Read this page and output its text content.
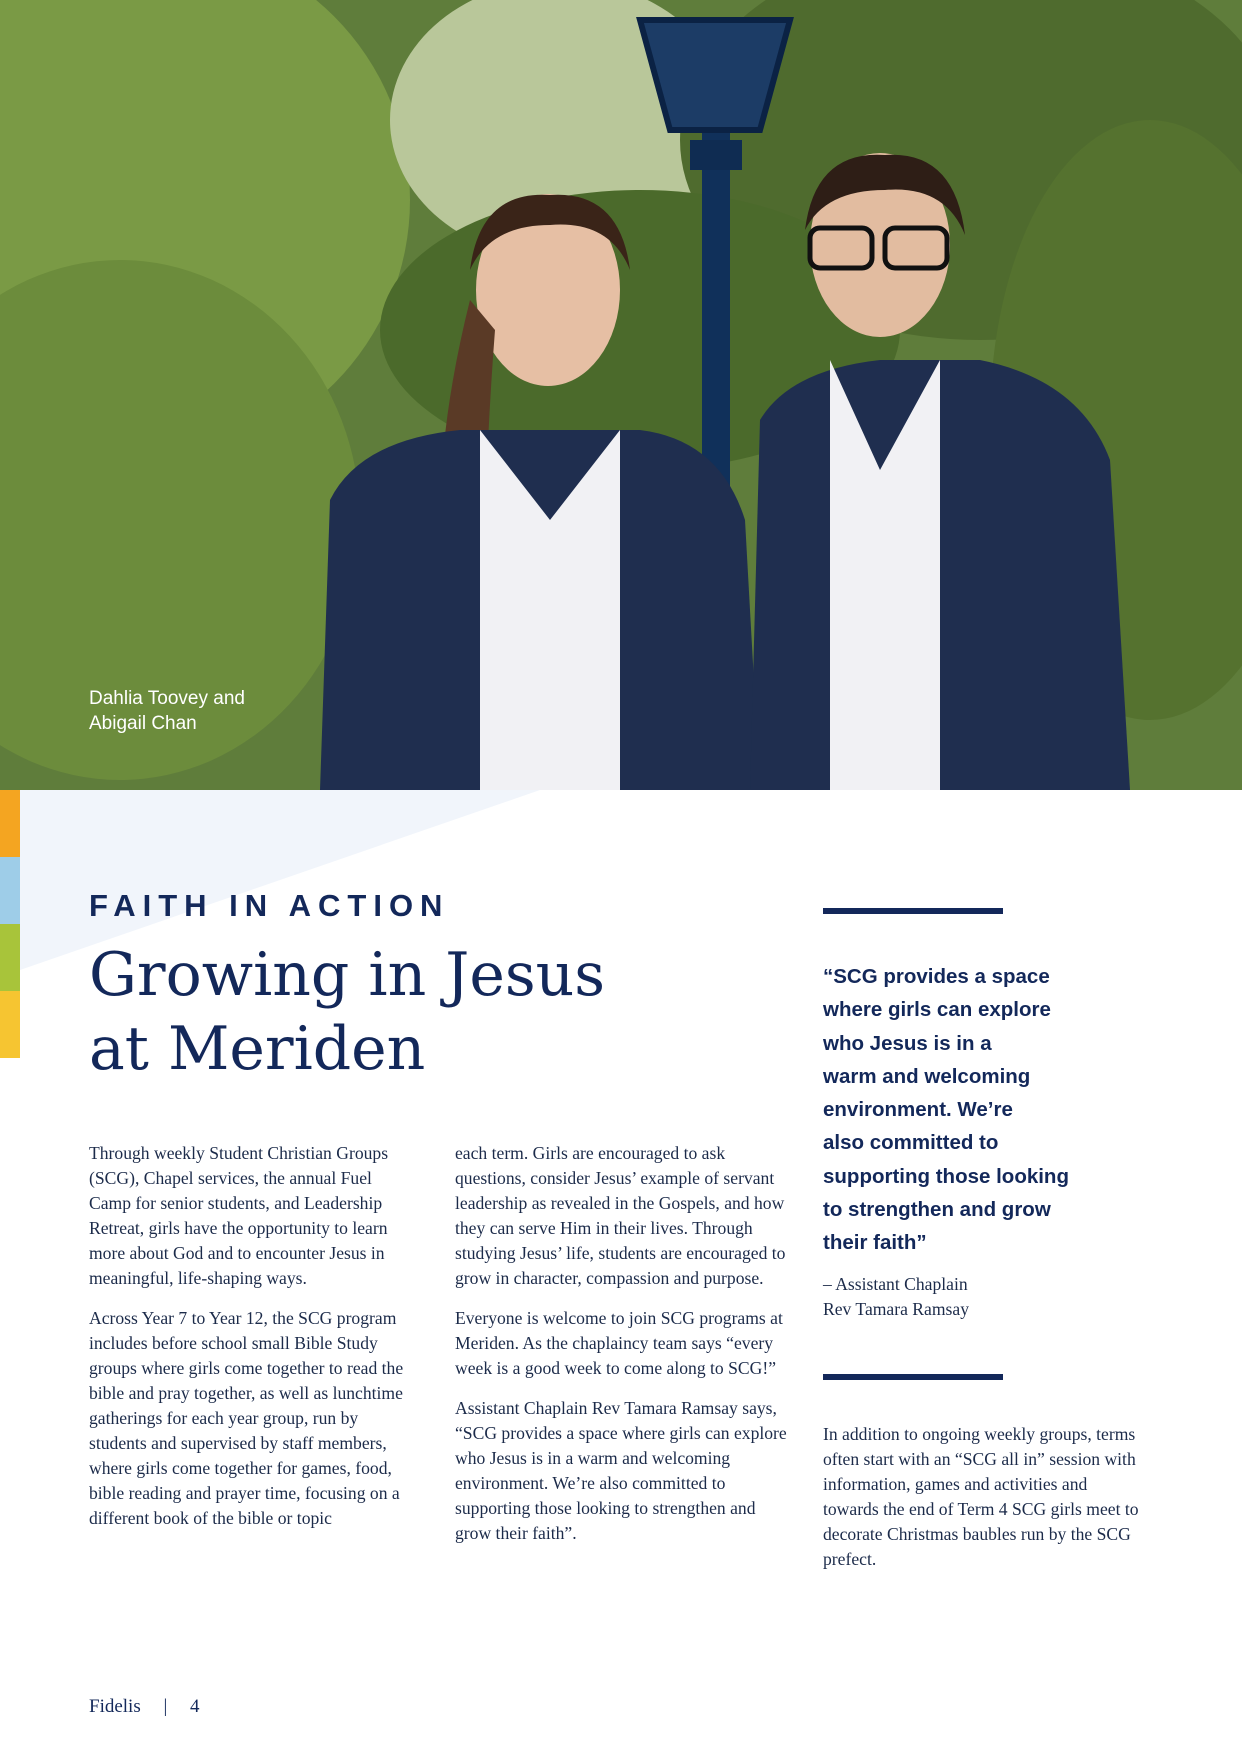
Dahlia Toovey and
Abigail Chan

FAITH IN ACTION

Growing in Jesus at Meriden

Through weekly Student Christian Groups (SCG), Chapel services, the annual Fuel Camp for senior students, and Leadership Retreat, girls have the opportunity to learn more about God and to encounter Jesus in meaningful, life-shaping ways.

Across Year 7 to Year 12, the SCG program includes before school small Bible Study groups where girls come together to read the bible and pray together, as well as lunchtime gatherings for each year group, run by students and supervised by staff members, where girls come together for games, food, bible reading and prayer time, focusing on a different book of the bible or topic

each term. Girls are encouraged to ask questions, consider Jesus’ example of servant leadership as revealed in the Gospels, and how they can serve Him in their lives. Through studying Jesus’ life, students are encouraged to grow in character, compassion and purpose.

Everyone is welcome to join SCG programs at Meriden. As the chaplaincy team says “every week is a good week to come along to SCG!”

Assistant Chaplain Rev Tamara Ramsay says, “SCG provides a space where girls can explore who Jesus is in a warm and welcoming environment. We’re also committed to supporting those looking to strengthen and grow their faith”.

“SCG provides a space
where girls can explore
who Jesus is in a
warm and welcoming
environment. We’re
also committed to
supporting those looking
to strengthen and grow
their faith”

– Assistant Chaplain
Rev Tamara Ramsay

In addition to ongoing weekly groups, terms often start with an “SCG all in” session with information, games and activities and towards the end of Term 4 SCG girls meet to decorate Christmas baubles run by the SCG prefect.

Fidelis | 4
